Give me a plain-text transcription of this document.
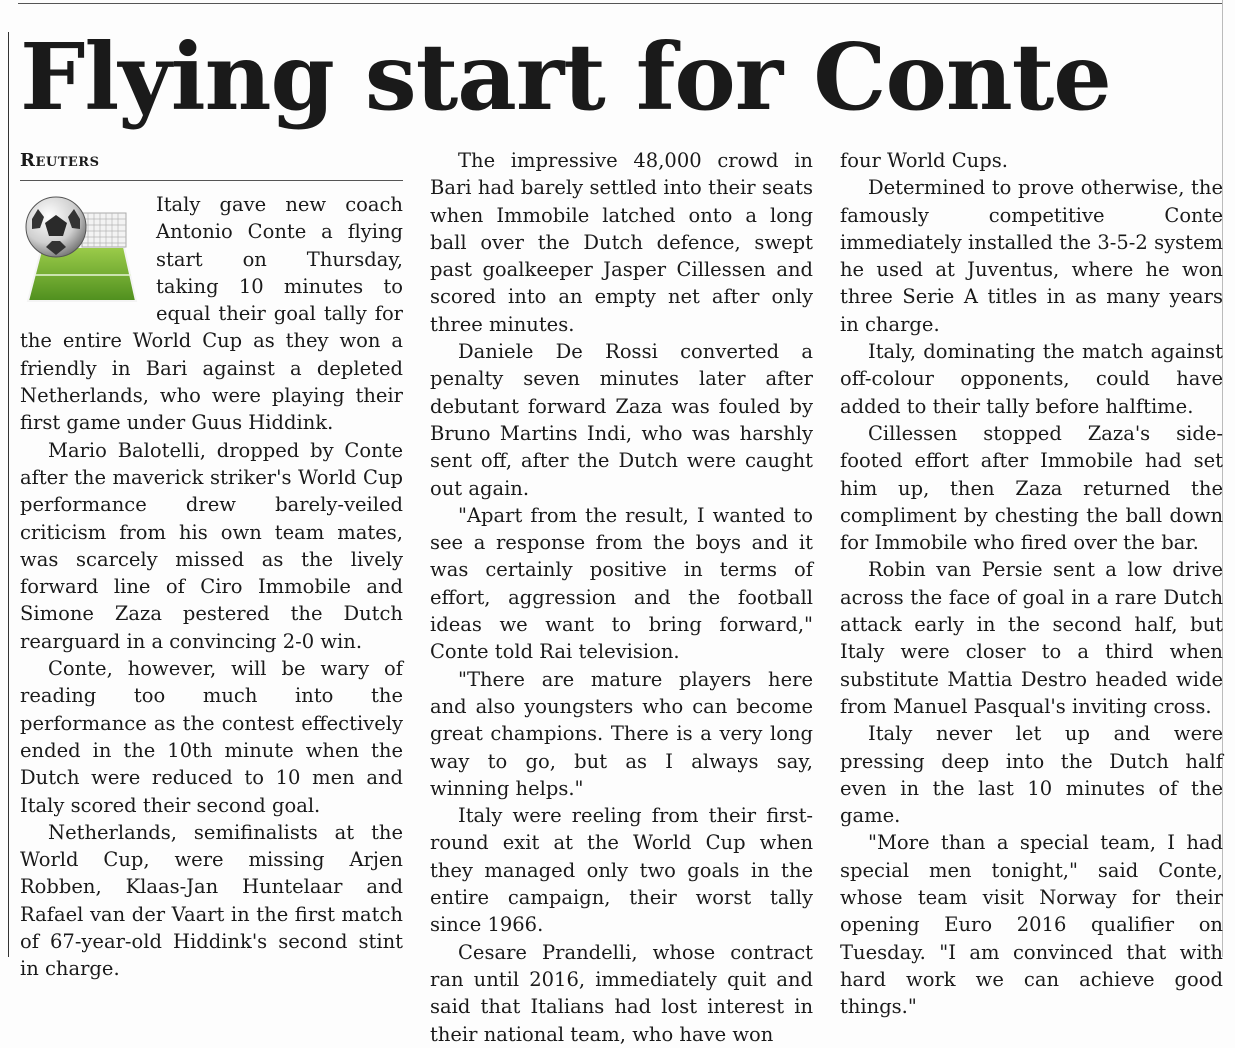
Flying start for Conte
Reuters

Italy gave new coach Antonio Conte a flying start on Thursday, taking 10 minutes to equal their goal tally for the entire World Cup as they won a friendly in Bari against a depleted Netherlands, who were playing their first game under Guus Hiddink.

Mario Balotelli, dropped by Conte after the maverick striker's World Cup performance drew barely-veiled criticism from his own team mates, was scarcely missed as the lively forward line of Ciro Immobile and Simone Zaza pestered the Dutch rearguard in a convincing 2-0 win.

Conte, however, will be wary of reading too much into the performance as the contest effectively ended in the 10th minute when the Dutch were reduced to 10 men and Italy scored their second goal.

Netherlands, semifinalists at the World Cup, were missing Arjen Robben, Klaas-Jan Huntelaar and Rafael van der Vaart in the first match of 67-year-old Hiddink's second stint in charge.

The impressive 48,000 crowd in Bari had barely settled into their seats when Immobile latched onto a long ball over the Dutch defence, swept past goalkeeper Jasper Cillessen and scored into an empty net after only three minutes.

Daniele De Rossi converted a penalty seven minutes later after debutant forward Zaza was fouled by Bruno Martins Indi, who was harshly sent off, after the Dutch were caught out again.

"Apart from the result, I wanted to see a response from the boys and it was certainly positive in terms of effort, aggression and the football ideas we want to bring forward," Conte told Rai television.

"There are mature players here and also youngsters who can become great champions. There is a very long way to go, but as I always say, winning helps."

Italy were reeling from their first-round exit at the World Cup when they managed only two goals in the entire campaign, their worst tally since 1966.

Cesare Prandelli, whose contract ran until 2016, immediately quit and said that Italians had lost interest in their national team, who have won

four World Cups.

Determined to prove otherwise, the famously competitive Conte immediately installed the 3-5-2 system he used at Juventus, where he won three Serie A titles in as many years in charge.

Italy, dominating the match against off-colour opponents, could have added to their tally before halftime.

Cillessen stopped Zaza's side-footed effort after Immobile had set him up, then Zaza returned the compliment by chesting the ball down for Immobile who fired over the bar.

Robin van Persie sent a low drive across the face of goal in a rare Dutch attack early in the second half, but Italy were closer to a third when substitute Mattia Destro headed wide from Manuel Pasqual's inviting cross.

Italy never let up and were pressing deep into the Dutch half even in the last 10 minutes of the game.

"More than a special team, I had special men tonight," said Conte, whose team visit Norway for their opening Euro 2016 qualifier on Tuesday. "I am convinced that with hard work we can achieve good things."
